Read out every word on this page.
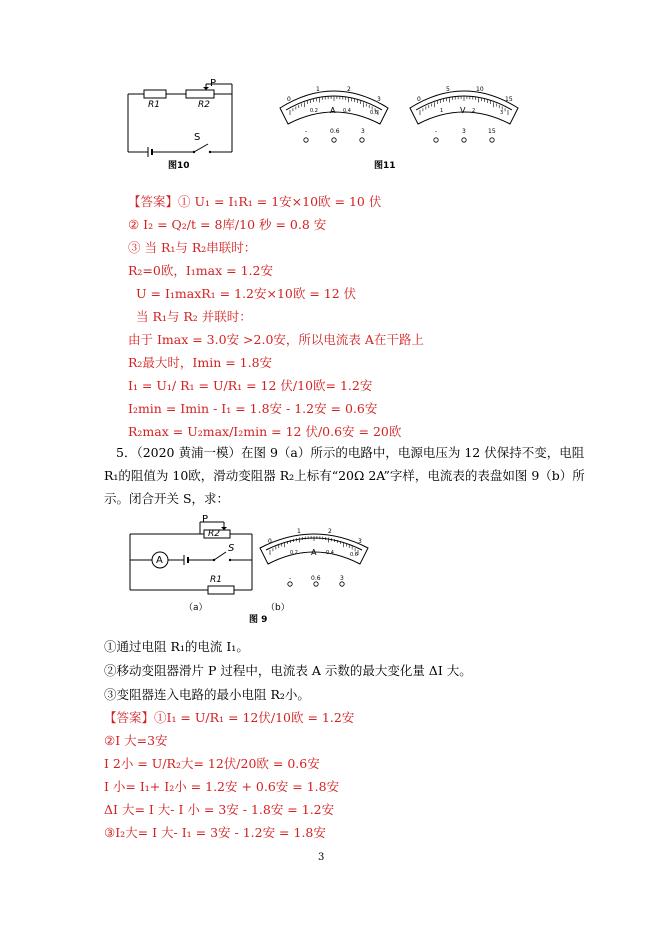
P
R1	R2
S
图10
A	V
0
1	2
3
0.2	0.4	0.6
-	0.6	3
0
5	10
15
1	2	3
-	3	15
图11
【答案】① U₁ = I₁R₁ = 1安×10欧 = 10 伏
② I₂ = Q₂/t = 8库/10 秒 = 0.8 安
③ 当 R₁与 R₂串联时：
R₂=0欧，I₁max = 1.2安
U = I₁maxR₁ = 1.2安×10欧 = 12 伏
当 R₁与 R₂ 并联时：
由于 Imax = 3.0安 >2.0安，所以电流表 A在干路上
R₂最大时，Imin = 1.8安
I₁ = U₁/ R₁ = U/R₁ = 12 伏/10欧= 1.2安
I₂min = Imin - I₁ = 1.8安 - 1.2安 = 0.6安
R₂max = U₂max/I₂min = 12 伏/0.6安 = 20欧
5．（2020 黄浦一模）在图 9（a）所示的电路中，电源电压为 12 伏保持不变，电阻
R₁的阻值为 10欧，滑动变阻器 R₂上标有“20Ω 2A”字样，电流表的表盘如图 9（b）所
示。闭合开关 S，求：
P
R2
S
A
R1
（a）	（b）
图 9
A
0
1	2
3
0.2	0.4	0.6
-	0.6	3
①通过电阻 R₁的电流 I₁。
②移动变阻器滑片 P 过程中，电流表 A 示数的最大变化量 ΔI 大。
③变阻器连入电路的最小电阻 R₂小。
【答案】①I₁ = U/R₁ = 12伏/10欧 = 1.2安
②I 大=3安
I 2小 = U/R₂大= 12伏/20欧 = 0.6安
I 小= I₁+ I₂小 = 1.2安 + 0.6安 = 1.8安
ΔI 大= I 大- I 小 = 3安 - 1.8安 = 1.2安
③I₂大= I 大- I₁ = 3安 - 1.2安 = 1.8安
3
